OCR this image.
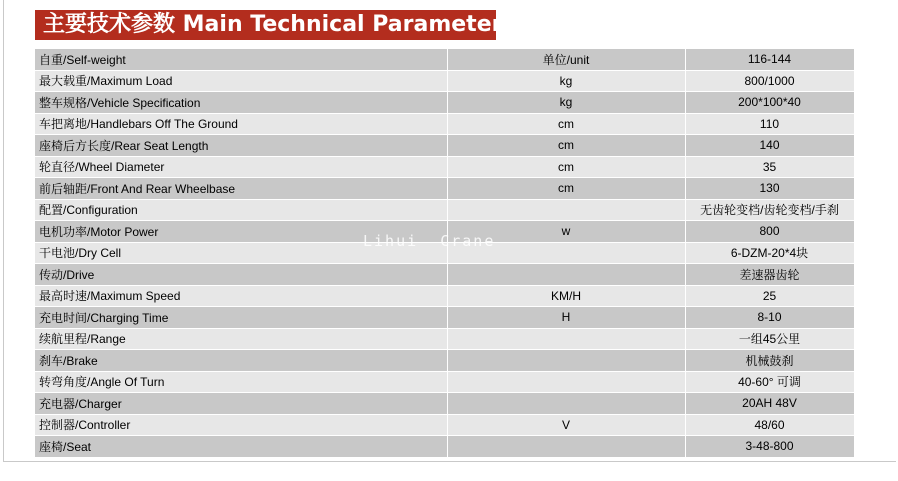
主要技术参数 Main Technical Parameters
自重/Self-weight	单位/unit	116-144
最大载重/Maximum Load	kg	800/1000
整车规格/Vehicle Specification	kg	200*100*40
车把离地/Handlebars Off The Ground	cm	110
座椅后方长度/Rear Seat Length	cm	140
轮直径/Wheel Diameter	cm	35
前后轴距/Front And Rear Wheelbase	cm	130
配置/Configuration		无齿轮变档/齿轮变档/手刹
电机功率/Motor Power	w	800
干电池/Dry Cell		6-DZM-20*4块
传动/Drive		差速器齿轮
最高时速/Maximum Speed	KM/H	25
充电时间/Charging Time	H	8-10
续航里程/Range		一组45公里
刹车/Brake		机械鼓刹
转弯角度/Angle Of Turn		40-60° 可调
充电器/Charger		20AH 48V
控制器/Controller	V	48/60
座椅/Seat		3-48-800
Lihui  Crane
